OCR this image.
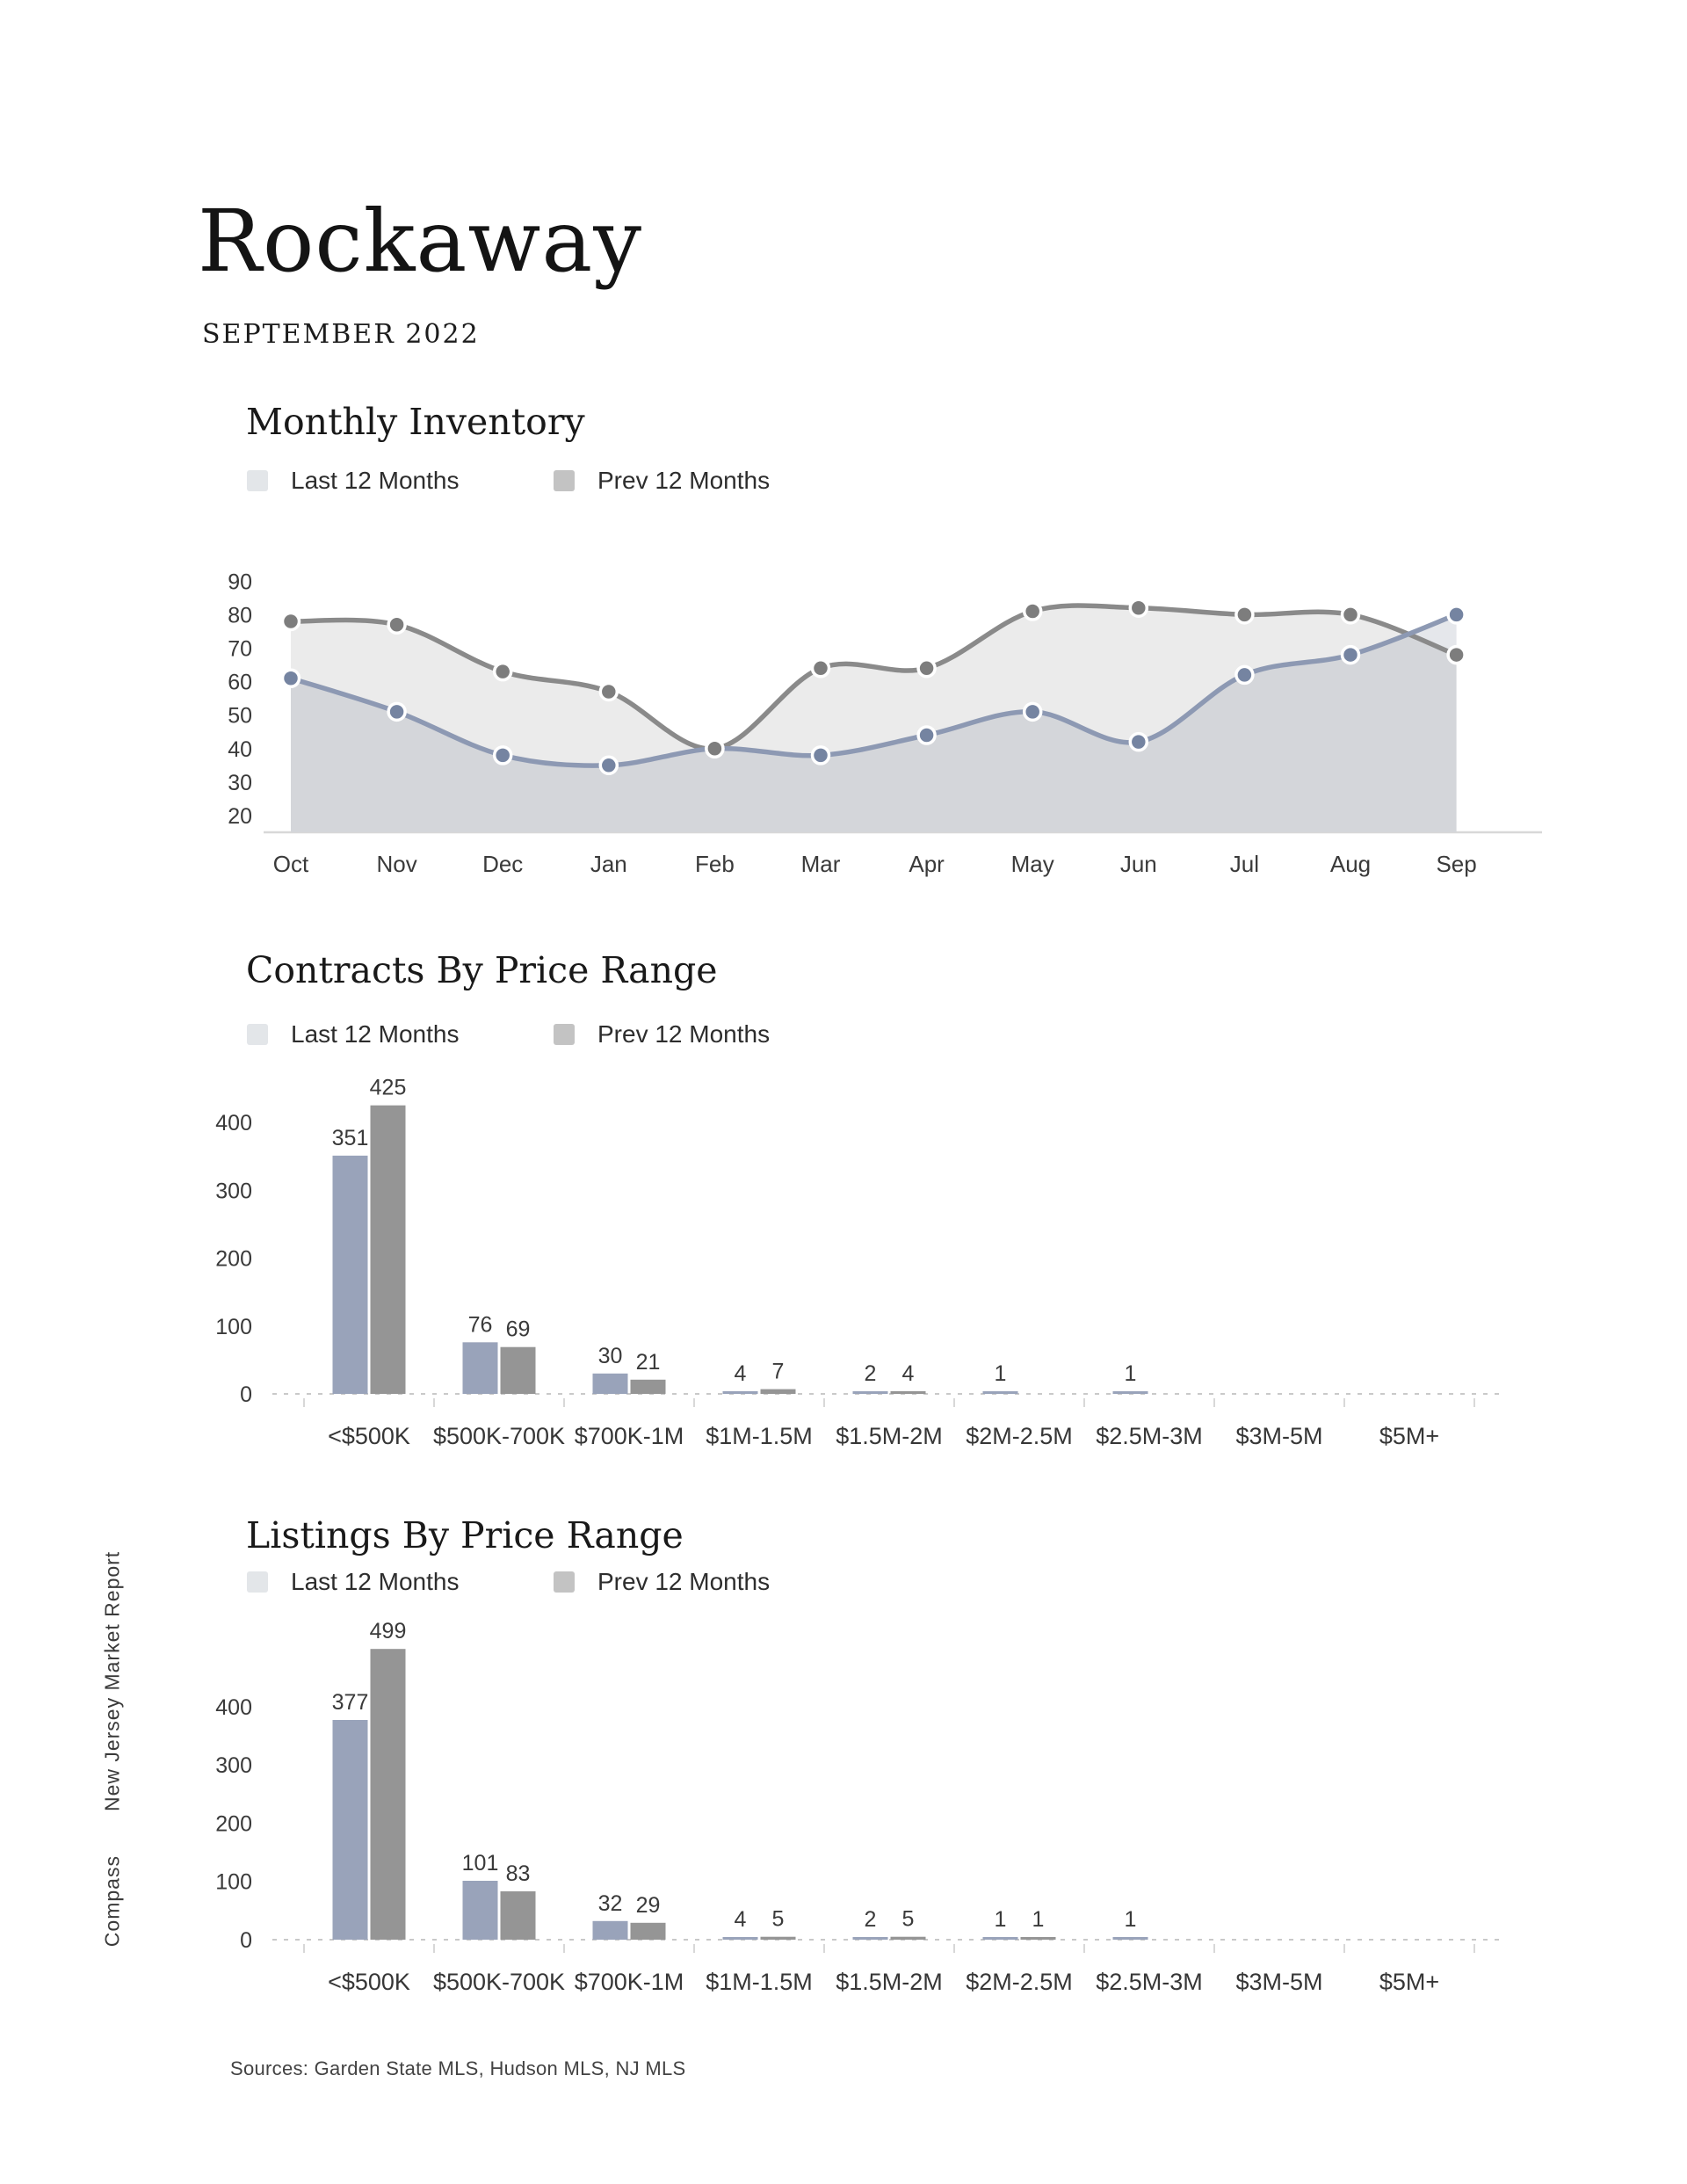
Rockaway
SEPTEMBER 2022
Monthly Inventory
Last 12 Months	Prev 12 Months
90
80
70
60
50
40
30
20
Oct	Nov	Dec	Jan	Feb	Mar	Apr	May	Jun	Jul	Aug	Sep
Contracts By Price Range
Last 12 Months	Prev 12 Months
400
300
200
100
0
351
425
<$500K
76 69
$500K-700K
30 21
$700K-1M
4 7
$1M-1.5M
2 4
$1.5M-2M
1
$2M-2.5M
1
$2.5M-3M $3M-5M $5M+
Listings By Price Range
Last 12 Months	Prev 12 Months
400
300
200
100
0
377
499
<$500K
101 83
$500K-700K
32 29
$700K-1M
4 5
$1M-1.5M
2 5
$1.5M-2M
1 1
$2M-2.5M
1
$2.5M-3M $3M-5M $5M+
CompassNew Jersey Market Report
Sources: Garden State MLS, Hudson MLS, NJ MLS
